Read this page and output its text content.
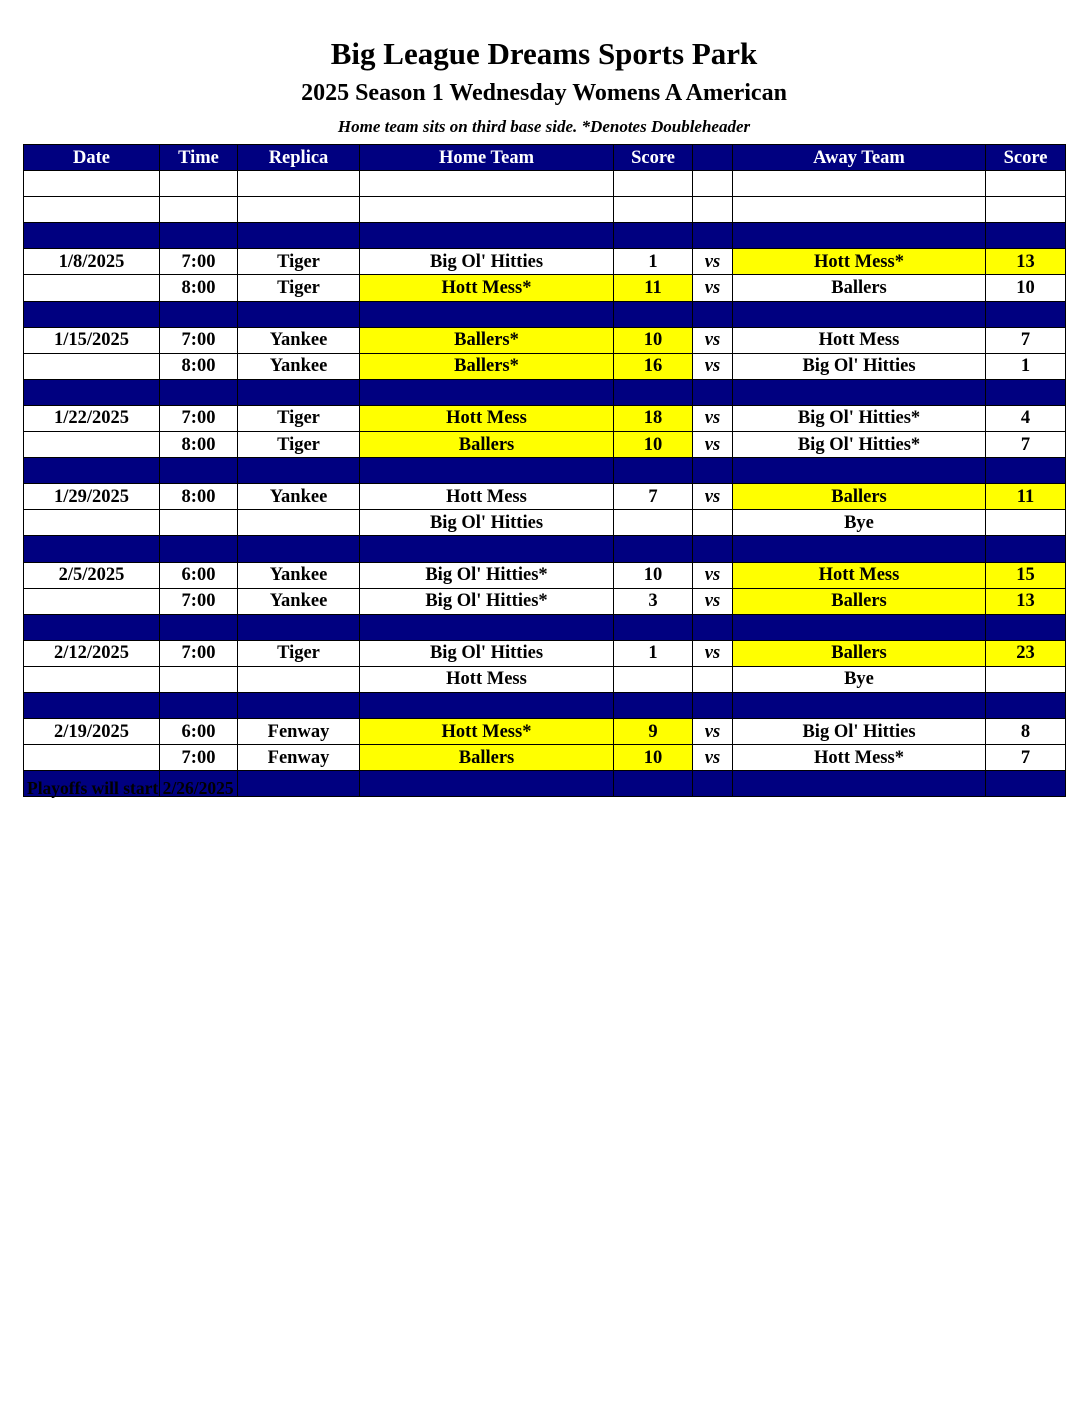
Big League Dreams Sports Park
2025 Season 1 Wednesday Womens A American
Home team sits on third base side. *Denotes Doubleheader
Date	Time	Replica	Home Team	Score		Away Team	Score

1/8/2025	7:00	Tiger	Big Ol' Hitties	1	vs	Hott Mess*	13
	8:00	Tiger	Hott Mess*	11	vs	Ballers	10

1/15/2025	7:00	Yankee	Ballers*	10	vs	Hott Mess	7
	8:00	Yankee	Ballers*	16	vs	Big Ol' Hitties	1

1/22/2025	7:00	Tiger	Hott Mess	18	vs	Big Ol' Hitties*	4
	8:00	Tiger	Ballers	10	vs	Big Ol' Hitties*	7

1/29/2025	8:00	Yankee	Hott Mess	7	vs	Ballers	11
			Big Ol' Hitties			Bye	

2/5/2025	6:00	Yankee	Big Ol' Hitties*	10	vs	Hott Mess	15
	7:00	Yankee	Big Ol' Hitties*	3	vs	Ballers	13

2/12/2025	7:00	Tiger	Big Ol' Hitties	1	vs	Ballers	23
			Hott Mess			Bye	

2/19/2025	6:00	Fenway	Hott Mess*	9	vs	Big Ol' Hitties	8
	7:00	Fenway	Ballers	10	vs	Hott Mess*	7

Playoffs will start 2/26/2025
